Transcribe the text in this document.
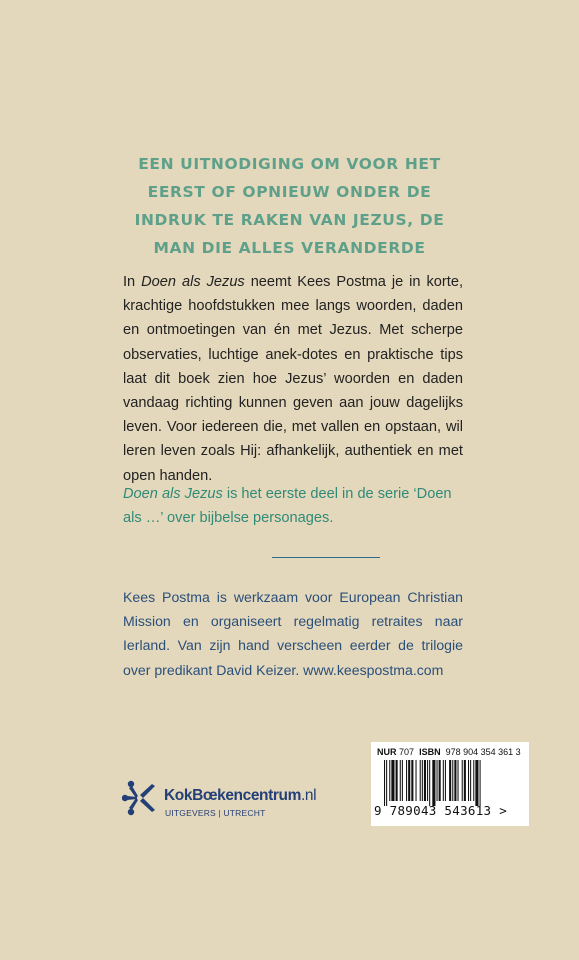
EEN UITNODIGING OM VOOR HET EERST OF OPNIEUW ONDER DE INDRUK TE RAKEN VAN JEZUS, DE MAN DIE ALLES VERANDERDE
In Doen als Jezus neemt Kees Postma je in korte, krachtige hoofdstukken mee langs woorden, daden en ontmoetingen van én met Jezus. Met scherpe observaties, luchtige anek-dotes en praktische tips laat dit boek zien hoe Jezus’ woorden en daden vandaag richting kunnen geven aan jouw dagelijks leven. Voor iedereen die, met vallen en opstaan, wil leren leven zoals Hij: afhankelijk, authentiek en met open handen.
Doen als Jezus is het eerste deel in de serie ‘Doen als …’ over bijbelse personages.
Kees Postma is werkzaam voor European Christian Mission en organiseert regelmatig retraites naar Ierland. Van zijn hand verscheen eerder de trilogie over predikant David Keizer. www.keespostma.com
KokBœkencentrum.nl
UITGEVERS | UTRECHT
NUR 707 ISBN 978 904 354 361 3
9 789043 543613 >
